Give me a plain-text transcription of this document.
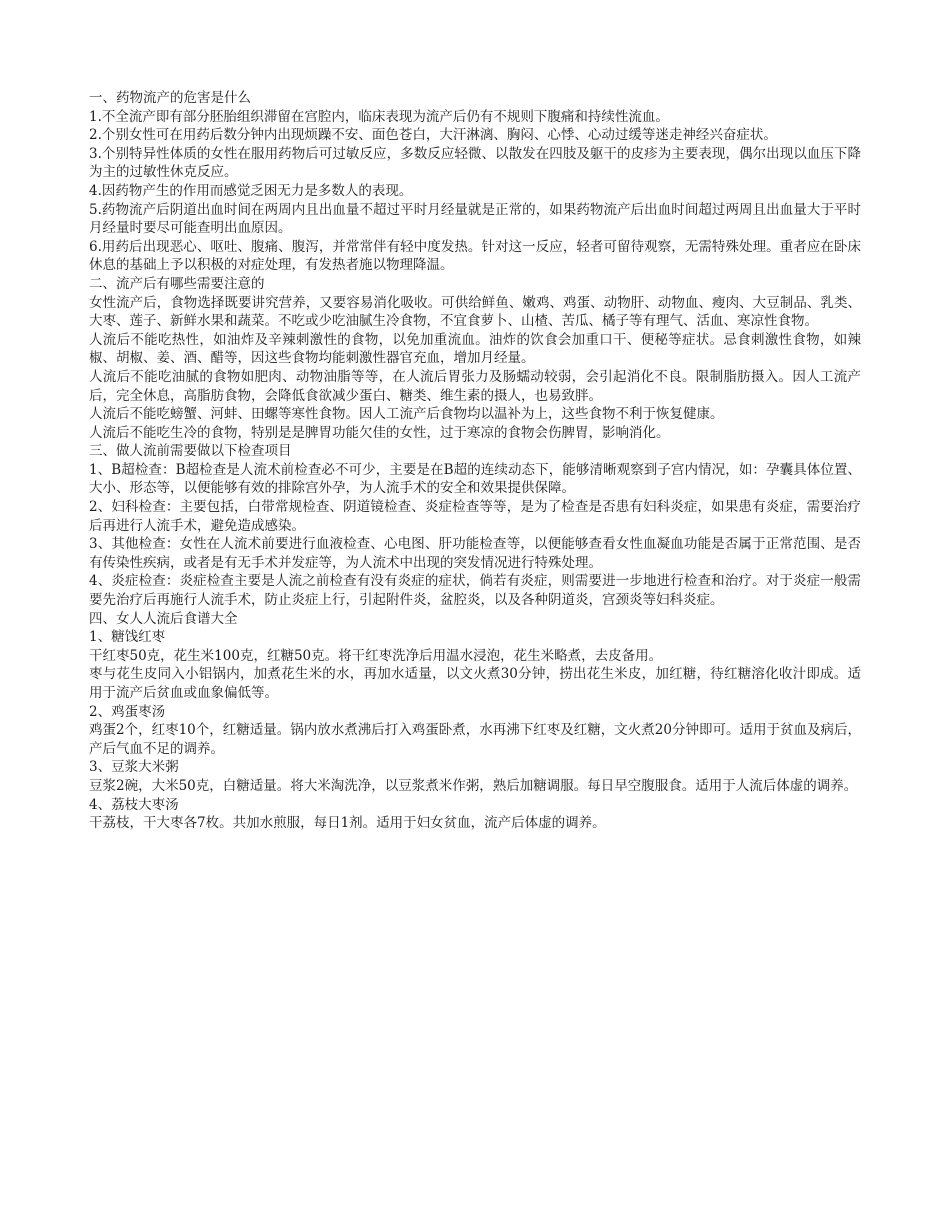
一、药物流产的危害是什么

1.不全流产即有部分胚胎组织滞留在宫腔内，临床表现为流产后仍有不规则下腹痛和持续性流血。

2.个别女性可在用药后数分钟内出现烦躁不安、面色苍白，大汗淋漓、胸闷、心悸、心动过缓等迷走神经兴奋症状。

3.个别特异性体质的女性在服用药物后可过敏反应，多数反应轻微、以散发在四肢及躯干的皮疹为主要表现，偶尔出现以血压下降为主的过敏性休克反应。

4.因药物产生的作用而感觉乏困无力是多数人的表现。

5.药物流产后阴道出血时间在两周内且出血量不超过平时月经量就是正常的，如果药物流产后出血时间超过两周且出血量大于平时月经量时要尽可能查明出血原因。

6.用药后出现恶心、呕吐、腹痛、腹泻，并常常伴有轻中度发热。针对这一反应，轻者可留待观察，无需特殊处理。重者应在卧床休息的基础上予以积极的对症处理，有发热者施以物理降温。

二、流产后有哪些需要注意的

女性流产后，食物选择既要讲究营养，又要容易消化吸收。可供给鲜鱼、嫩鸡、鸡蛋、动物肝、动物血、瘦肉、大豆制品、乳类、大枣、莲子、新鲜水果和蔬菜。不吃或少吃油腻生冷食物，不宜食萝卜、山楂、苦瓜、橘子等有理气、活血、寒凉性食物。

人流后不能吃热性，如油炸及辛辣刺激性的食物，以免加重流血。油炸的饮食会加重口干、便秘等症状。忌食刺激性食物，如辣椒、胡椒、姜、酒、醋等，因这些食物均能刺激性器官充血，增加月经量。

人流后不能吃油腻的食物如肥肉、动物油脂等等，在人流后胃张力及肠蠕动较弱，会引起消化不良。限制脂肪摄入。因人工流产后，完全休息，高脂肪食物，会降低食欲减少蛋白、糖类、维生素的摄人，也易致胖。

人流后不能吃螃蟹、河蚌、田螺等寒性食物。因人工流产后食物均以温补为上，这些食物不利于恢复健康。

人流后不能吃生冷的食物，特别是是脾胃功能欠佳的女性，过于寒凉的食物会伤脾胃，影响消化。

三、做人流前需要做以下检查项目

1、B超检查：B超检查是人流术前检查必不可少，主要是在B超的连续动态下，能够清晰观察到子宫内情况，如：孕囊具体位置、大小、形态等，以便能够有效的排除宫外孕，为人流手术的安全和效果提供保障。

2、妇科检查：主要包括，白带常规检查、阴道镜检查、炎症检查等等，是为了检查是否患有妇科炎症，如果患有炎症，需要治疗后再进行人流手术，避免造成感染。

3、其他检查：女性在人流术前要进行血液检查、心电图、肝功能检查等，以便能够查看女性血凝血功能是否属于正常范围、是否有传染性疾病，或者是有无手术并发症等，为人流术中出现的突发情况进行特殊处理。

4、炎症检查：炎症检查主要是人流之前检查有没有炎症的症状，倘若有炎症，则需要进一步地进行检查和治疗。对于炎症一般需要先治疗后再施行人流手术，防止炎症上行，引起附件炎，盆腔炎，以及各种阴道炎，宫颈炎等妇科炎症。

四、女人人流后食谱大全

1、糖饯红枣

干红枣50克，花生米100克，红糖50克。将干红枣洗净后用温水浸泡，花生米略煮，去皮备用。

枣与花生皮同入小铝锅内，加煮花生米的水，再加水适量，以文火煮30分钟，捞出花生米皮，加红糖，待红糖溶化收汁即成。适用于流产后贫血或血象偏低等。

2、鸡蛋枣汤

鸡蛋2个，红枣10个，红糖适量。锅内放水煮沸后打入鸡蛋卧煮，水再沸下红枣及红糖，文火煮20分钟即可。适用于贫血及病后，产后气血不足的调养。

3、豆浆大米粥

豆浆2碗，大米50克，白糖适量。将大米淘洗净，以豆浆煮米作粥，熟后加糖调服。每日早空腹服食。适用于人流后体虚的调养。

4、荔枝大枣汤

干荔枝，干大枣各7枚。共加水煎服，每日1剂。适用于妇女贫血，流产后体虚的调养。
